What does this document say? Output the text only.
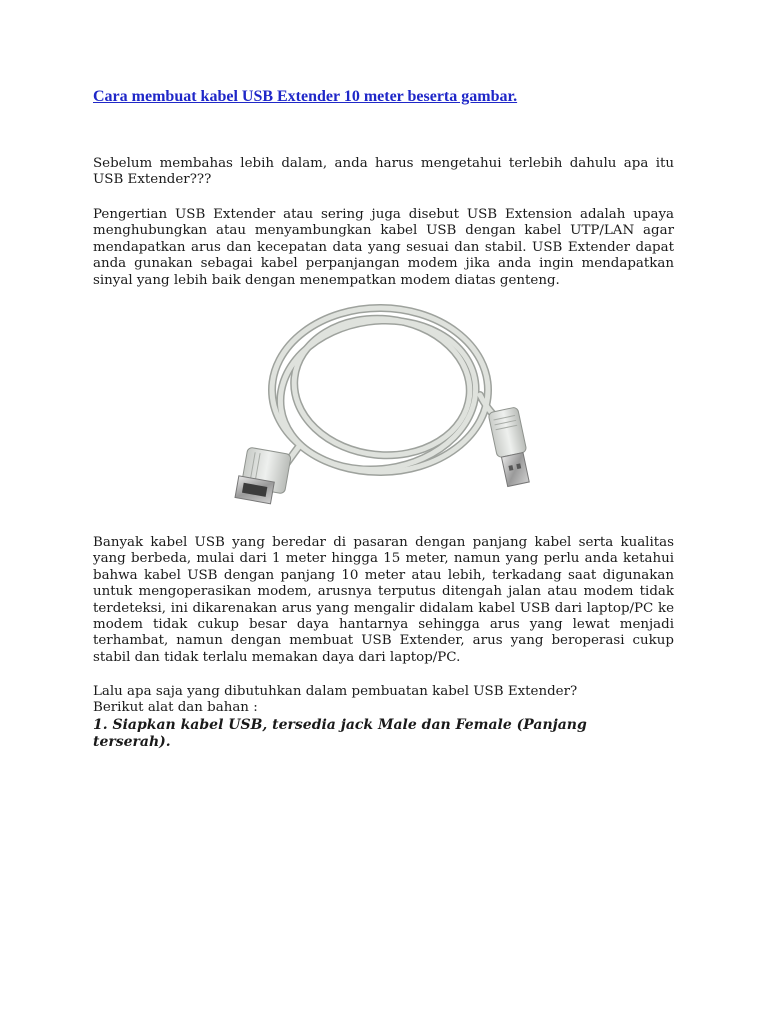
Cara membuat kabel USB Extender 10 meter beserta gambar.

Sebelum membahas lebih dalam, anda harus mengetahui terlebih dahulu apa itu USB Extender???

Pengertian USB Extender atau sering juga disebut USB Extension adalah upaya menghubungkan atau menyambungkan kabel USB dengan kabel UTP/LAN agar mendapatkan arus dan kecepatan data yang sesuai dan stabil. USB Extender dapat anda gunakan sebagai kabel perpanjangan modem jika anda ingin mendapatkan sinyal yang lebih baik dengan menempatkan modem diatas genteng.

Banyak kabel USB yang beredar di pasaran dengan panjang kabel serta kualitas yang berbeda, mulai dari 1 meter hingga 15 meter, namun yang perlu anda ketahui bahwa kabel USB dengan panjang 10 meter atau lebih, terkadang saat digunakan untuk mengoperasikan modem, arusnya terputus ditengah jalan atau modem tidak terdeteksi, ini dikarenakan arus yang mengalir didalam kabel USB dari laptop/PC ke modem tidak cukup besar daya hantarnya sehingga arus yang lewat menjadi terhambat, namun dengan membuat USB Extender, arus yang beroperasi cukup stabil dan tidak terlalu memakan daya dari laptop/PC.

Lalu apa saja yang dibutuhkan dalam pembuatan kabel USB Extender?
Berikut alat dan bahan :

1. Siapkan kabel USB, tersedia jack Male dan Female (Panjang terserah).
